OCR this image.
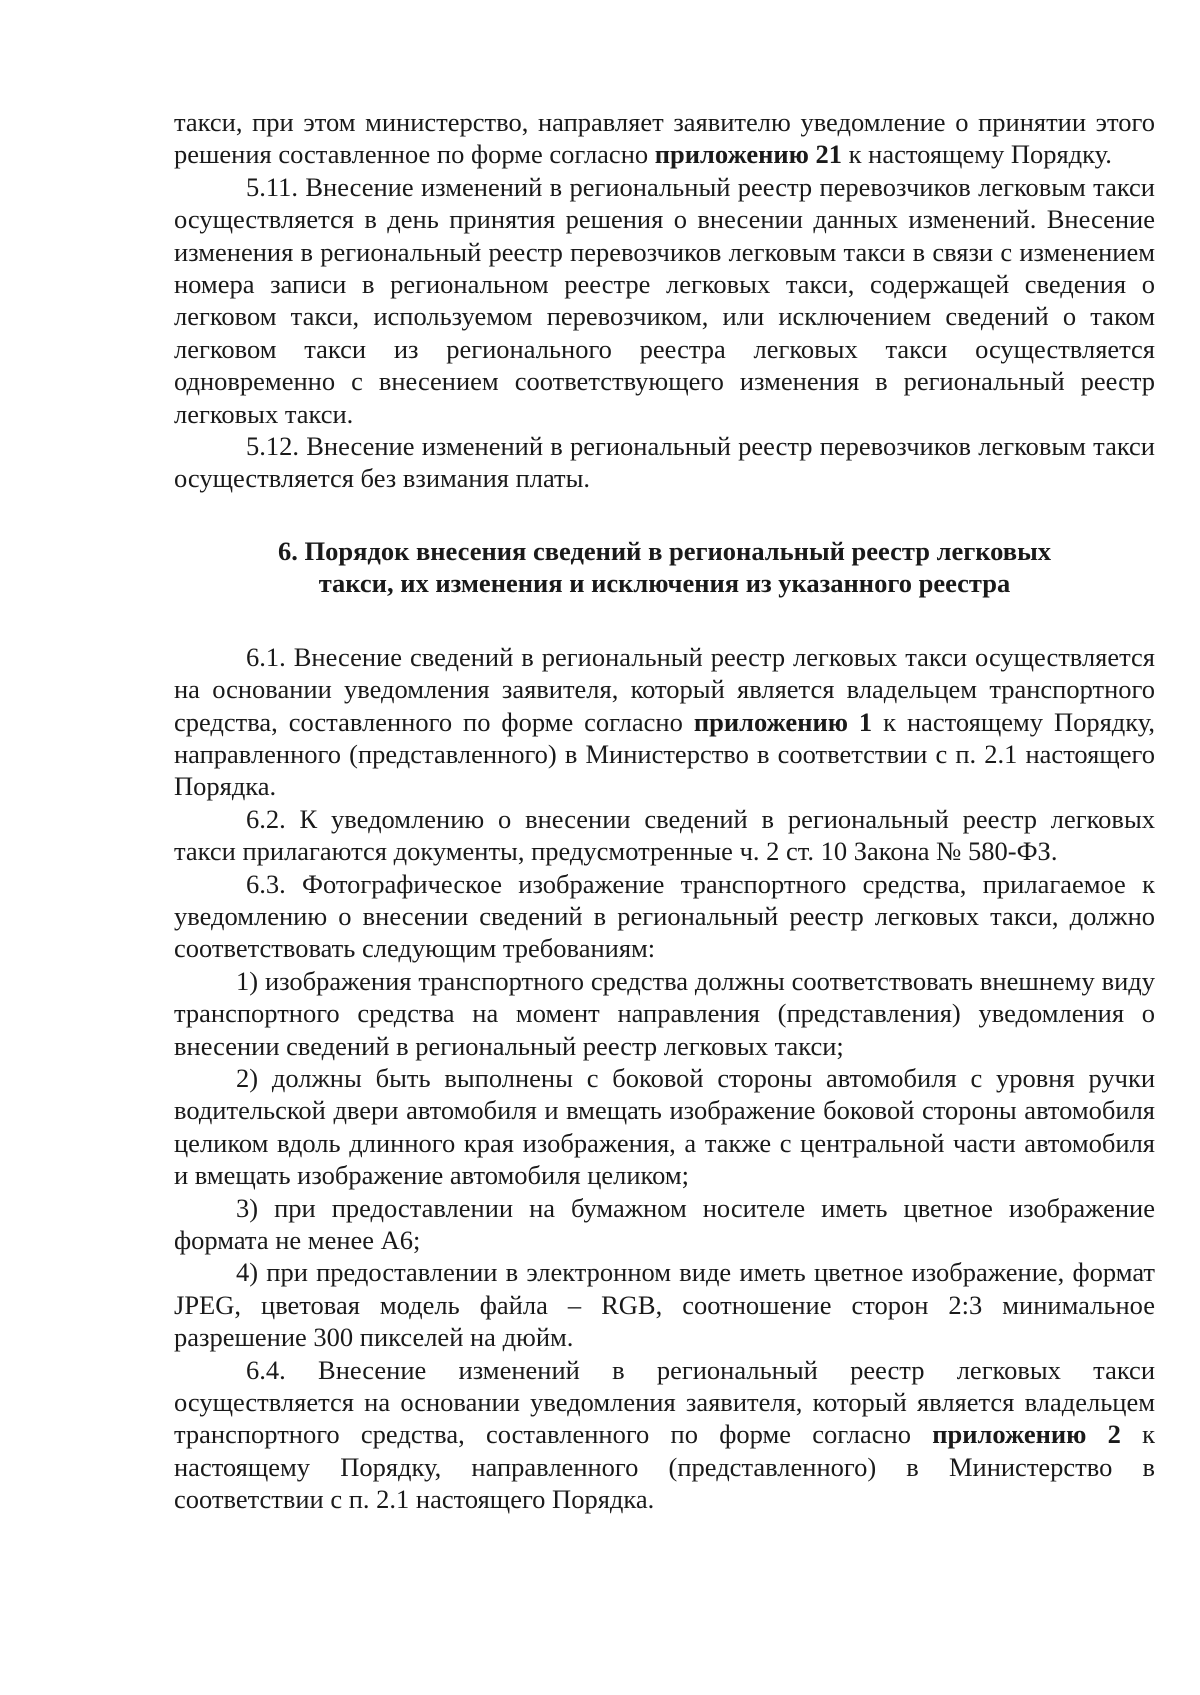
такси, при этом министерство, направляет заявителю уведомление о принятии этого решения составленное по форме согласно приложению 21 к настоящему Порядку.

5.11. Внесение изменений в региональный реестр перевозчиков легковым такси осуществляется в день принятия решения о внесении данных изменений. Внесение изменения в региональный реестр перевозчиков легковым такси в связи с изменением номера записи в региональном реестре легковых такси, содержащей сведения о легковом такси, используемом перевозчиком, или исключением сведений о таком легковом такси из регионального реестра легковых такси осуществляется одновременно с внесением соответствующего изменения в региональный реестр легковых такси.

5.12. Внесение изменений в региональный реестр перевозчиков легковым такси осуществляется без взимания платы.

6. Порядок внесения сведений в региональный реестр легковых
такси, их изменения и исключения из указанного реестра

6.1. Внесение сведений в региональный реестр легковых такси осуществляется на основании уведомления заявителя, который является владельцем транспортного средства, составленного по форме согласно приложению 1 к настоящему Порядку, направленного (представленного) в Министерство в соответствии с п. 2.1 настоящего Порядка.

6.2. К уведомлению о внесении сведений в региональный реестр легковых такси прилагаются документы, предусмотренные ч. 2 ст. 10 Закона № 580-ФЗ.

6.3. Фотографическое изображение транспортного средства, прилагаемое к уведомлению о внесении сведений в региональный реестр легковых такси, должно соответствовать следующим требованиям:

1) изображения транспортного средства должны соответствовать внешнему виду транспортного средства на момент направления (представления) уведомления о внесении сведений в региональный реестр легковых такси;

2) должны быть выполнены с боковой стороны автомобиля с уровня ручки водительской двери автомобиля и вмещать изображение боковой стороны автомобиля целиком вдоль длинного края изображения, а также с центральной части автомобиля и вмещать изображение автомобиля целиком;

3) при предоставлении на бумажном носителе иметь цветное изображение формата не менее А6;

4) при предоставлении в электронном виде иметь цветное изображение, формат JPEG, цветовая модель файла – RGB, соотношение сторон 2:3 минимальное разрешение 300 пикселей на дюйм.

6.4. Внесение изменений в региональный реестр легковых такси осуществляется на основании уведомления заявителя, который является владельцем транспортного средства, составленного по форме согласно приложению 2 к настоящему Порядку, направленного (представленного) в Министерство в соответствии с п. 2.1 настоящего Порядка.
